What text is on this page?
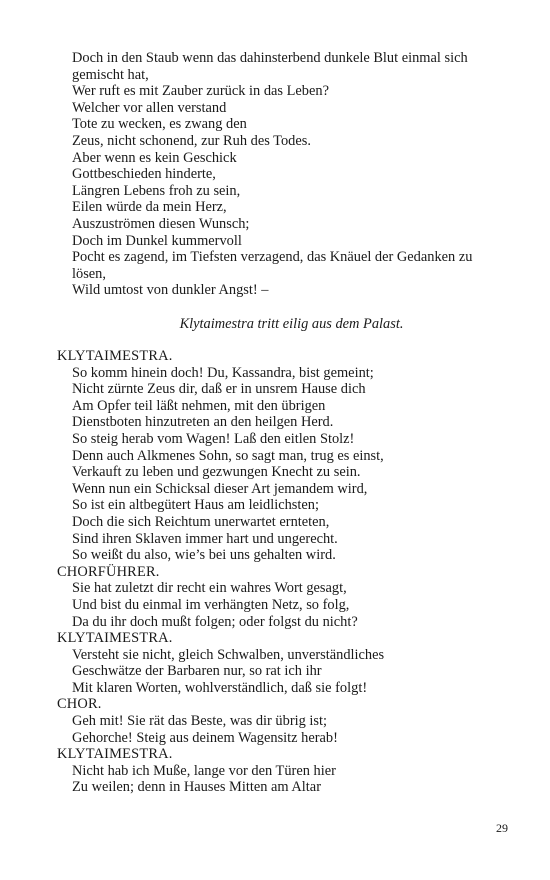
Doch in den Staub wenn das dahinsterbend dunkele Blut einmal sich
gemischt hat,
Wer ruft es mit Zauber zurück in das Leben?
Welcher vor allen verstand
Tote zu wecken, es zwang den
Zeus, nicht schonend, zur Ruh des Todes.
Aber wenn es kein Geschick
Gottbeschieden hinderte,
Längren Lebens froh zu sein,
Eilen würde da mein Herz,
Auszuströmen diesen Wunsch;
Doch im Dunkel kummervoll
Pocht es zagend, im Tiefsten verzagend, das Knäuel der Gedanken zu
lösen,
Wild umtost von dunkler Angst! –
Klytaimestra tritt eilig aus dem Palast.
KLYTAIMESTRA.
So komm hinein doch! Du, Kassandra, bist gemeint;
Nicht zürnte Zeus dir, daß er in unsrem Hause dich
Am Opfer teil läßt nehmen, mit den übrigen
Dienstboten hinzutreten an den heilgen Herd.
So steig herab vom Wagen! Laß den eitlen Stolz!
Denn auch Alkmenes Sohn, so sagt man, trug es einst,
Verkauft zu leben und gezwungen Knecht zu sein.
Wenn nun ein Schicksal dieser Art jemandem wird,
So ist ein altbegütert Haus am leidlichsten;
Doch die sich Reichtum unerwartet ernteten,
Sind ihren Sklaven immer hart und ungerecht.
So weißt du also, wie’s bei uns gehalten wird.
CHORFÜHRER.
Sie hat zuletzt dir recht ein wahres Wort gesagt,
Und bist du einmal im verhängten Netz, so folg,
Da du ihr doch mußt folgen; oder folgst du nicht?
KLYTAIMESTRA.
Versteht sie nicht, gleich Schwalben, unverständliches
Geschwätze der Barbaren nur, so rat ich ihr
Mit klaren Worten, wohlverständlich, daß sie folgt!
CHOR.
Geh mit! Sie rät das Beste, was dir übrig ist;
Gehorche! Steig aus deinem Wagensitz herab!
KLYTAIMESTRA.
Nicht hab ich Muße, lange vor den Türen hier
Zu weilen; denn in Hauses Mitten am Altar
29
